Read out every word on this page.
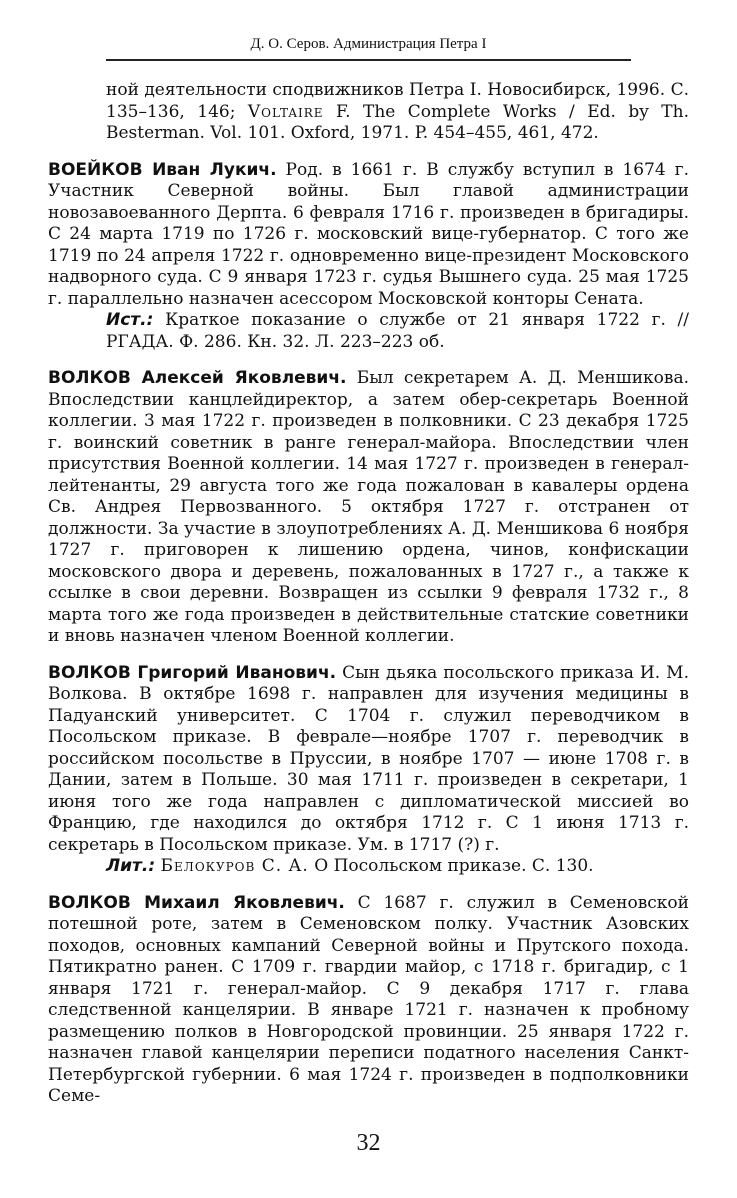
Д. О. Серов. Администрация Петра I

ной деятельности сподвижников Петра I. Новосибирск, 1996. С. 135–136, 146; Voltaire F. The Complete Works / Ed. by Th. Besterman. Vol. 101. Oxford, 1971. P. 454–455, 461, 472.

ВОЕЙКОВ Иван Лукич. Род. в 1661 г. В службу вступил в 1674 г. Участник Северной войны. Был главой администрации новозавоеванного Дерпта. 6 февраля 1716 г. произведен в бригадиры. С 24 марта 1719 по 1726 г. московский вице-губернатор. С того же 1719 по 24 апреля 1722 г. одновременно вице-президент Московского надворного суда. С 9 января 1723 г. судья Вышнего суда. 25 мая 1725 г. параллельно назначен асессором Московской конторы Сената.

Ист.: Краткое показание о службе от 21 января 1722 г. // РГАДА. Ф. 286. Кн. 32. Л. 223–223 об.

ВОЛКОВ Алексей Яковлевич. Был секретарем А. Д. Меншикова. Впоследствии канцлейдиректор, а затем обер-секретарь Военной коллегии. 3 мая 1722 г. произведен в полковники. С 23 декабря 1725 г. воинский советник в ранге генерал-майора. Впоследствии член присутствия Военной коллегии. 14 мая 1727 г. произведен в генерал-лейтенанты, 29 августа того же года пожалован в кавалеры ордена Св. Андрея Первозванного. 5 октября 1727 г. отстранен от должности. За участие в злоупотреблениях А. Д. Меншикова 6 ноября 1727 г. приговорен к лишению ордена, чинов, конфискации московского двора и деревень, пожалованных в 1727 г., а также к ссылке в свои деревни. Возвращен из ссылки 9 февраля 1732 г., 8 марта того же года произведен в действительные статские советники и вновь назначен членом Военной коллегии.

ВОЛКОВ Григорий Иванович. Сын дьяка посольского приказа И. М. Волкова. В октябре 1698 г. направлен для изучения медицины в Падуанский университет. С 1704 г. служил переводчиком в Посольском приказе. В феврале—ноябре 1707 г. переводчик в российском посольстве в Пруссии, в ноябре 1707 — июне 1708 г. в Дании, затем в Польше. 30 мая 1711 г. произведен в секретари, 1 июня того же года направлен с дипломатической миссией во Францию, где находился до октября 1712 г. С 1 июня 1713 г. секретарь в Посольском приказе. Ум. в 1717 (?) г.

Лит.: Белокуров С. А. О Посольском приказе. С. 130.

ВОЛКОВ Михаил Яковлевич. С 1687 г. служил в Семеновской потешной роте, затем в Семеновском полку. Участник Азовских походов, основных кампаний Северной войны и Прутского похода. Пятикратно ранен. С 1709 г. гвардии майор, с 1718 г. бригадир, с 1 января 1721 г. генерал-майор. С 9 декабря 1717 г. глава следственной канцелярии. В январе 1721 г. назначен к пробному размещению полков в Новгородской провинции. 25 января 1722 г. назначен главой канцелярии переписи податного населения Санкт-Петербургской губернии. 6 мая 1724 г. произведен в подполковники Семе-

32
